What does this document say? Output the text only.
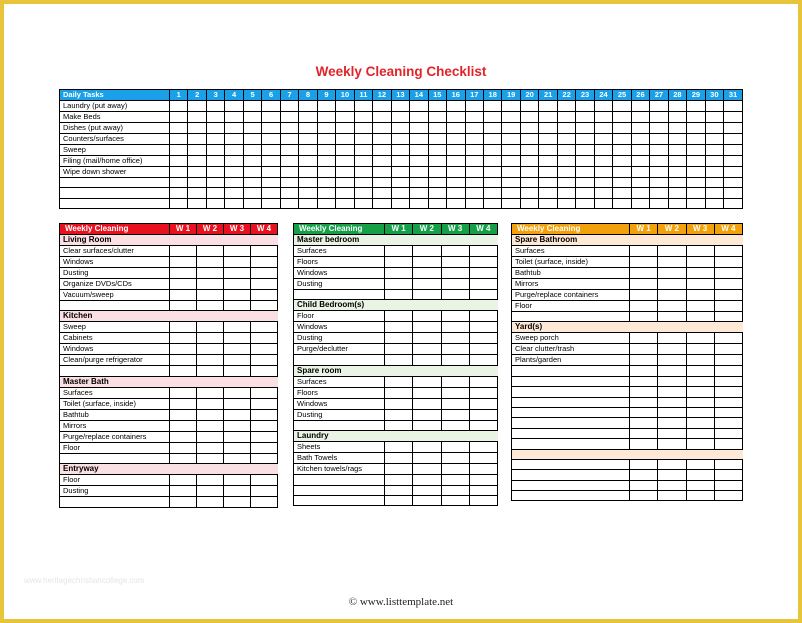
Weekly Cleaning Checklist
Daily Tasks	1	2	3	4	5	6	7	8	9	10	11	12	13	14	15	16	17	18	19	20	21	22	23	24	25	26	27	28	29	30	31
Laundry (put away)																															
Make Beds																															
Dishes (put away)																															
Counters/surfaces																															
Sweep																															
Filing (mail/home office)																															
Wipe down shower																															

Weekly Cleaning	W 1	W 2	W 3	W 4
Living Room				
Clear surfaces/clutter				
Windows				
Dusting				
Organize DVDs/CDs				
Vacuum/sweep				

Kitchen				
Sweep				
Cabinets				
Windows				
Clean/purge refrigerator				

Master Bath				
Surfaces				
Toilet (surface, inside)				
Bathtub				
Mirrors				
Purge/replace containers				
Floor				

Entryway				
Floor				
Dusting				

Weekly Cleaning	W 1	W 2	W 3	W 4
Master bedroom				
Surfaces				
Floors				
Windows				
Dusting				

Child Bedroom(s)				
Floor				
Windows				
Dusting				
Purge/declutter				

Spare room				
Surfaces				
Floors				
Windows				
Dusting				

Laundry				
Sheets				
Bath Towels				
Kitchen towels/rags				

Weekly Cleaning	W 1	W 2	W 3	W 4
Spare Bathroom				
Surfaces				
Toilet (surface, inside)				
Bathtub				
Mirrors				
Purge/replace containers				
Floor				

Yard(s)				
Sweep porch				
Clear clutter/trash				
Plants/garden				

www.heritagechristiancollege.com
© www.listtemplate.net
